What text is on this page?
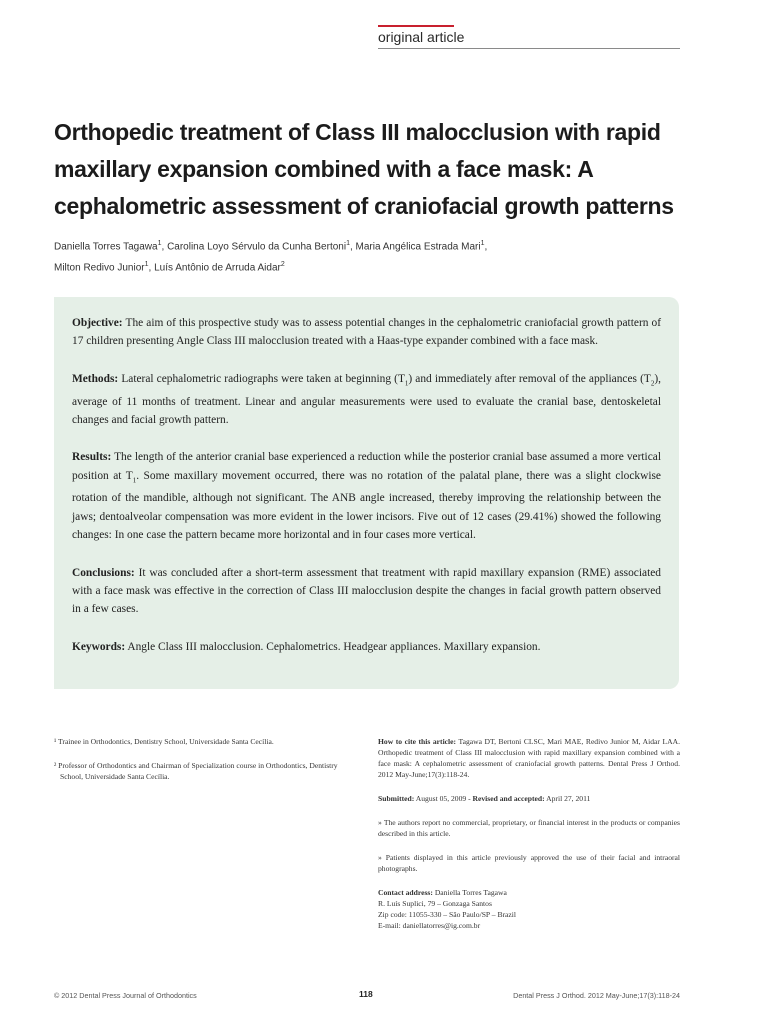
original article
Orthopedic treatment of Class III malocclusion with rapid maxillary expansion combined with a face mask: A cephalometric assessment of craniofacial growth patterns
Daniella Torres Tagawa$^1$, Carolina Loyo Sérvulo da Cunha Bertoni$^1$, Maria Angélica Estrada Mari$^1$,
Milton Redivo Junior$^1$, Luís Antônio de Arruda Aidar$^2$

Objective: The aim of this prospective study was to assess potential changes in the cephalometric craniofacial growth pattern of 17 children presenting Angle Class III malocclusion treated with a Haas-type expander combined with a face mask.

Methods: Lateral cephalometric radiographs were taken at beginning $(T_1)$ and immediately after removal of the appliances $(T_2)$, average of 11 months of treatment. Linear and angular measurements were used to evaluate the cranial base, dentoskeletal changes and facial growth pattern.

Results: The length of the anterior cranial base experienced a reduction while the posterior cranial base assumed a more vertical position at $T_1$. Some maxillary movement occurred, there was no rotation of the palatal plane, there was a slight clockwise rotation of the mandible, although not significant. The ANB angle increased, thereby improving the relationship between the jaws; dentoalveolar compensation was more evident in the lower incisors. Five out of 12 cases (29.41%) showed the following changes: In one case the pattern became more horizontal and in four cases more vertical.

Conclusions: It was concluded after a short-term assessment that treatment with rapid maxillary expansion (RME) associated with a face mask was effective in the correction of Class III malocclusion despite the changes in facial growth pattern observed in a few cases.

Keywords: Angle Class III malocclusion. Cephalometrics. Headgear appliances. Maxillary expansion.

¹ Trainee in Orthodontics, Dentistry School, Universidade Santa Cecília.

² Professor of Orthodontics and Chairman of Specialization course in Orthodontics, Dentistry School, Universidade Santa Cecília.

How to cite this article: Tagawa DT, Bertoni CLSC, Mari MAE, Redivo Junior M, Aidar LAA. Orthopedic treatment of Class III malocclusion with rapid maxillary expansion combined with a face mask: A cephalometric assessment of craniofacial growth patterns. Dental Press J Orthod. 2012 May-June;17(3):118-24.

Submitted: August 05, 2009 - Revised and accepted: April 27, 2011

» The authors report no commercial, proprietary, or financial interest in the products or companies described in this article.

» Patients displayed in this article previously approved the use of their facial and intraoral photographs.

Contact address: Daniella Torres Tagawa
R. Luís Suplici, 79 – Gonzaga Santos
Zip code: 11055-330 – São Paulo/SP – Brazil
E-mail: daniellatorres@ig.com.br

© 2012 Dental Press Journal of Orthodontics	118	Dental Press J Orthod. 2012 May-June;17(3):118-24
